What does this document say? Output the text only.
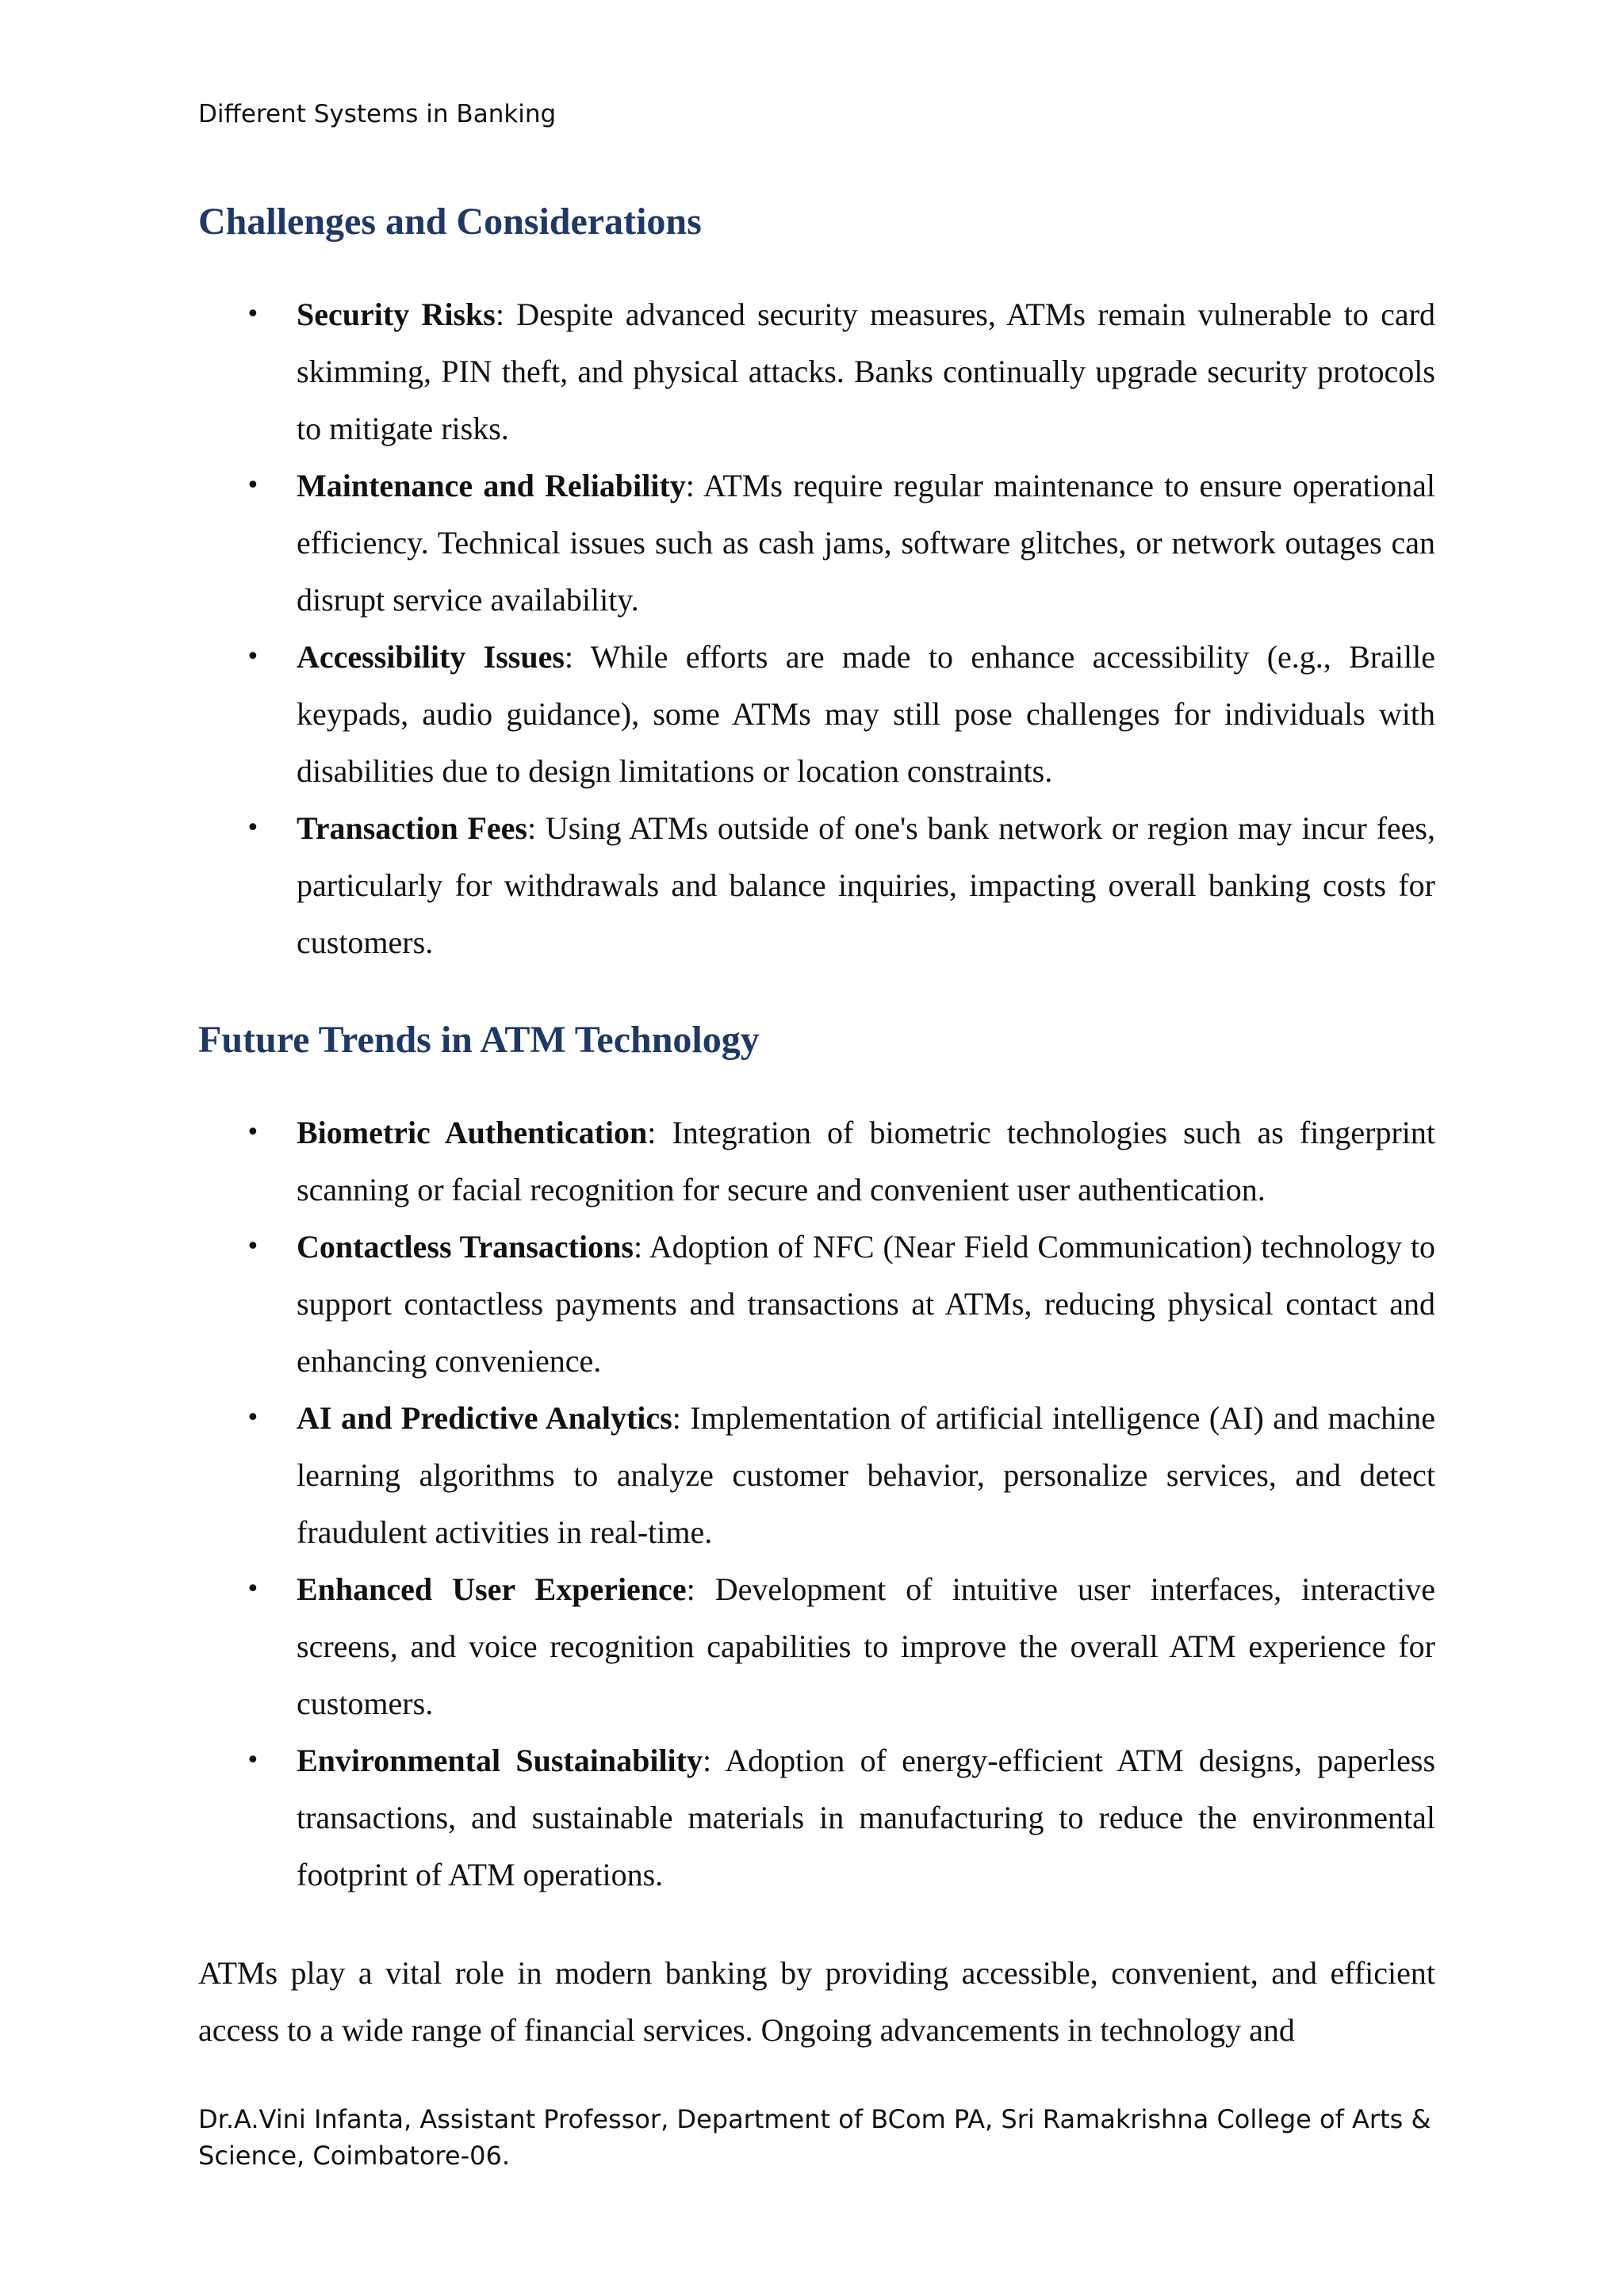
Different Systems in Banking
Challenges and Considerations
• Security Risks: Despite advanced security measures, ATMs remain vulnerable to card skimming, PIN theft, and physical attacks. Banks continually upgrade security protocols to mitigate risks.
• Maintenance and Reliability: ATMs require regular maintenance to ensure operational efficiency. Technical issues such as cash jams, software glitches, or network outages can disrupt service availability.
• Accessibility Issues: While efforts are made to enhance accessibility (e.g., Braille keypads, audio guidance), some ATMs may still pose challenges for individuals with disabilities due to design limitations or location constraints.
• Transaction Fees: Using ATMs outside of one's bank network or region may incur fees, particularly for withdrawals and balance inquiries, impacting overall banking costs for customers.
Future Trends in ATM Technology
• Biometric Authentication: Integration of biometric technologies such as fingerprint scanning or facial recognition for secure and convenient user authentication.
• Contactless Transactions: Adoption of NFC (Near Field Communication) technology to support contactless payments and transactions at ATMs, reducing physical contact and enhancing convenience.
• AI and Predictive Analytics: Implementation of artificial intelligence (AI) and machine learning algorithms to analyze customer behavior, personalize services, and detect fraudulent activities in real-time.
• Enhanced User Experience: Development of intuitive user interfaces, interactive screens, and voice recognition capabilities to improve the overall ATM experience for customers.
• Environmental Sustainability: Adoption of energy-efficient ATM designs, paperless transactions, and sustainable materials in manufacturing to reduce the environmental footprint of ATM operations.

ATMs play a vital role in modern banking by providing accessible, convenient, and efficient access to a wide range of financial services. Ongoing advancements in technology and

Dr.A.Vini Infanta, Assistant Professor, Department of BCom PA, Sri Ramakrishna College of Arts &
Science, Coimbatore-06.
